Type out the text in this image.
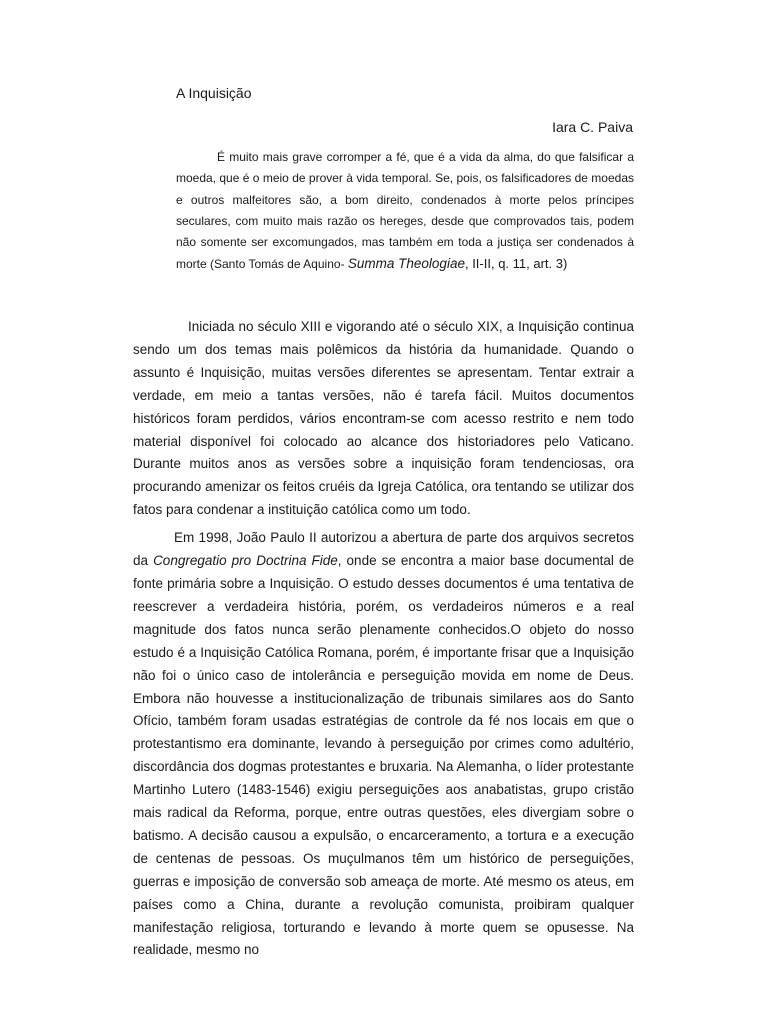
A Inquisição
Iara C. Paiva

É muito mais grave corromper a fé, que é a vida da alma, do que falsificar a moeda, que é o meio de prover à vida temporal. Se, pois, os falsificadores de moedas e outros malfeitores são, a bom direito, condenados à morte pelos príncipes seculares, com muito mais razão os hereges, desde que comprovados tais, podem não somente ser excomungados, mas também em toda a justiça ser condenados à morte (Santo Tomás de Aquino- Summa Theologiae, II-II, q. 11, art. 3)

Iniciada no século XIII e vigorando até o século XIX, a Inquisição continua sendo um dos temas mais polêmicos da história da humanidade. Quando o assunto é Inquisição, muitas versões diferentes se apresentam. Tentar extrair a verdade, em meio a tantas versões, não é tarefa fácil. Muitos documentos históricos foram perdidos, vários encontram-se com acesso restrito e nem todo material disponível foi colocado ao alcance dos historiadores pelo Vaticano. Durante muitos anos as versões sobre a inquisição foram tendenciosas, ora procurando amenizar os feitos cruéis da Igreja Católica, ora tentando se utilizar dos fatos para condenar a instituição católica como um todo.

Em 1998, João Paulo II autorizou a abertura de parte dos arquivos secretos da Congregatio pro Doctrina Fide, onde se encontra a maior base documental de fonte primária sobre a Inquisição. O estudo desses documentos é uma tentativa de reescrever a verdadeira história, porém, os verdadeiros números e a real magnitude dos fatos nunca serão plenamente conhecidos.O objeto do nosso estudo é a Inquisição Católica Romana, porém, é importante frisar que a Inquisição não foi o único caso de intolerância e perseguição movida em nome de Deus. Embora não houvesse a institucionalização de tribunais similares aos do Santo Ofício, também foram usadas estratégias de controle da fé nos locais em que o protestantismo era dominante, levando à perseguição por crimes como adultério, discordância dos dogmas protestantes e bruxaria. Na Alemanha, o líder protestante Martinho Lutero (1483-1546) exigiu perseguições aos anabatistas, grupo cristão mais radical da Reforma, porque, entre outras questões, eles divergiam sobre o batismo. A decisão causou a expulsão, o encarceramento, a tortura e a execução de centenas de pessoas. Os muçulmanos têm um histórico de perseguições, guerras e imposição de conversão sob ameaça de morte. Até mesmo os ateus, em países como a China, durante a revolução comunista, proibiram qualquer manifestação religiosa, torturando e levando à morte quem se opusesse. Na realidade, mesmo no
